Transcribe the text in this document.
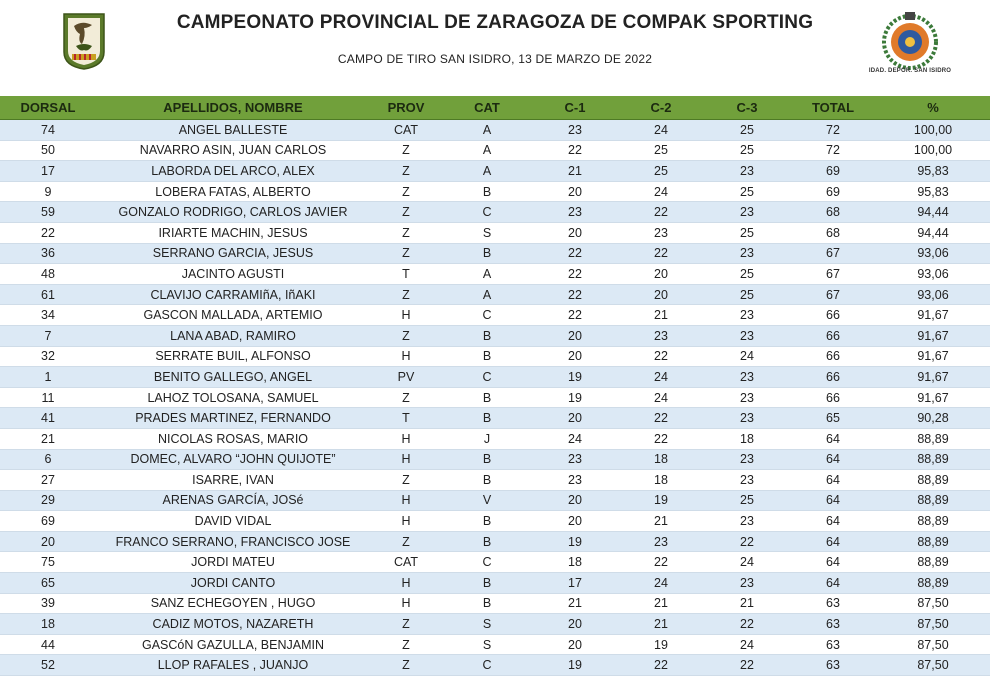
CAMPEONATO PROVINCIAL DE ZARAGOZA DE COMPAK SPORTING
CAMPO DE TIRO SAN ISIDRO, 13 DE MARZO DE 2022
IDAD. DEPOR. SAN ISIDRO
DORSAL	APELLIDOS, NOMBRE	PROV	CAT	C-1	C-2	C-3	TOTAL	%
74	ANGEL BALLESTE	CAT	A	23	24	25	72	100,00
50	NAVARRO ASIN, JUAN CARLOS	Z	A	22	25	25	72	100,00
17	LABORDA DEL ARCO, ALEX	Z	A	21	25	23	69	95,83
9	LOBERA FATAS, ALBERTO	Z	B	20	24	25	69	95,83
59	GONZALO RODRIGO, CARLOS JAVIER	Z	C	23	22	23	68	94,44
22	IRIARTE MACHIN, JESUS	Z	S	20	23	25	68	94,44
36	SERRANO GARCIA, JESUS	Z	B	22	22	23	67	93,06
48	JACINTO AGUSTI	T	A	22	20	25	67	93,06
61	CLAVIJO CARRAMIñA, IñAKI	Z	A	22	20	25	67	93,06
34	GASCON MALLADA, ARTEMIO	H	C	22	21	23	66	91,67
7	LANA ABAD, RAMIRO	Z	B	20	23	23	66	91,67
32	SERRATE BUIL, ALFONSO	H	B	20	22	24	66	91,67
1	BENITO GALLEGO, ANGEL	PV	C	19	24	23	66	91,67
11	LAHOZ TOLOSANA, SAMUEL	Z	B	19	24	23	66	91,67
41	PRADES MARTINEZ, FERNANDO	T	B	20	22	23	65	90,28
21	NICOLAS ROSAS, MARIO	H	J	24	22	18	64	88,89
6	DOMEC, ALVARO “JOHN QUIJOTE”	H	B	23	18	23	64	88,89
27	ISARRE, IVAN	Z	B	23	18	23	64	88,89
29	ARENAS GARCÍA, JOSé	H	V	20	19	25	64	88,89
69	DAVID VIDAL	H	B	20	21	23	64	88,89
20	FRANCO SERRANO, FRANCISCO JOSE	Z	B	19	23	22	64	88,89
75	JORDI MATEU	CAT	C	18	22	24	64	88,89
65	JORDI CANTO	H	B	17	24	23	64	88,89
39	SANZ ECHEGOYEN , HUGO	H	B	21	21	21	63	87,50
18	CADIZ MOTOS, NAZARETH	Z	S	20	21	22	63	87,50
44	GASCóN GAZULLA, BENJAMIN	Z	S	20	19	24	63	87,50
52	LLOP RAFALES , JUANJO	Z	C	19	22	22	63	87,50
